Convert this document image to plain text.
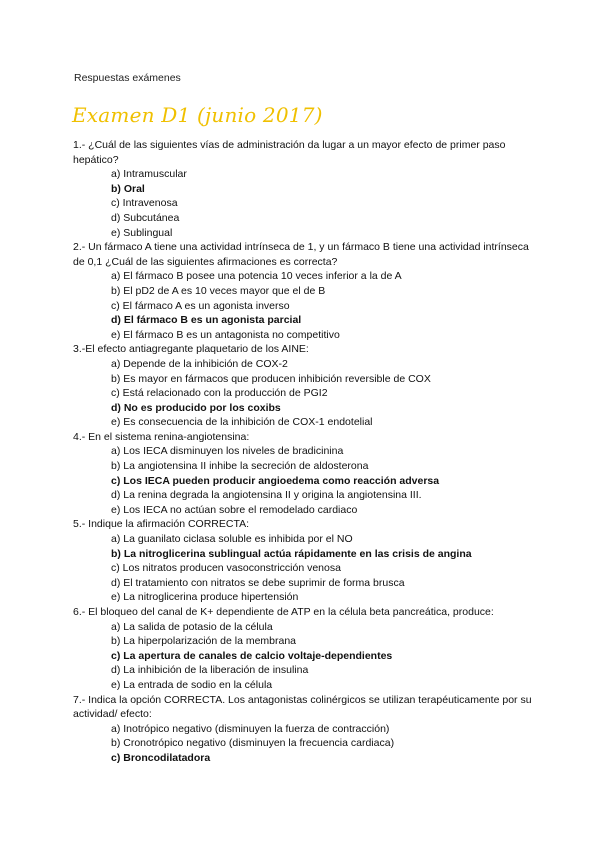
Respuestas exámenes
Examen D1 (junio 2017)

1.- ¿Cuál de las siguientes vías de administración da lugar a un mayor efecto de primer paso hepático?

a) Intramuscular
b) Oral
c) Intravenosa
d) Subcutánea
e) Sublingual

2.- Un fármaco A tiene una actividad intrínseca de 1, y un fármaco B tiene una actividad intrínseca de 0,1 ¿Cuál de las siguientes afirmaciones es correcta?

a) El fármaco B posee una potencia 10 veces inferior a la de A
b) El pD2 de A es 10 veces mayor que el de B
c) El fármaco A es un agonista inverso
d) El fármaco B es un agonista parcial
e) El fármaco B es un antagonista no competitivo

3.-El efecto antiagregante plaquetario de los AINE:

a) Depende de la inhibición de COX-2
b) Es mayor en fármacos que producen inhibición reversible de COX
c) Está relacionado con la producción de PGI2
d) No es producido por los coxibs
e) Es consecuencia de la inhibición de COX-1 endotelial

4.- En el sistema renina-angiotensina:

a) Los IECA disminuyen los niveles de bradicinina
b) La angiotensina II inhibe la secreción de aldosterona
c) Los IECA pueden producir angioedema como reacción adversa
d) La renina degrada la angiotensina II y origina la angiotensina III.
e) Los IECA no actúan sobre el remodelado cardiaco

5.- Indique la afirmación CORRECTA:

a) La guanilato ciclasa soluble es inhibida por el NO
b) La nitroglicerina sublingual actúa rápidamente en las crisis de angina
c) Los nitratos producen vasoconstricción venosa
d) El tratamiento con nitratos se debe suprimir de forma brusca
e) La nitroglicerina produce hipertensión

6.- El bloqueo del canal de K+ dependiente de ATP en la célula beta pancreática, produce:

a) La salida de potasio de la célula
b) La hiperpolarización de la membrana
c) La apertura de canales de calcio voltaje-dependientes
d) La inhibición de la liberación de insulina
e) La entrada de sodio en la célula

7.- Indica la opción CORRECTA. Los antagonistas colinérgicos se utilizan terapéuticamente por su actividad/ efecto:

a) Inotrópico negativo (disminuyen la fuerza de contracción)
b) Cronotrópico negativo (disminuyen la frecuencia cardiaca)
c) Broncodilatadora
